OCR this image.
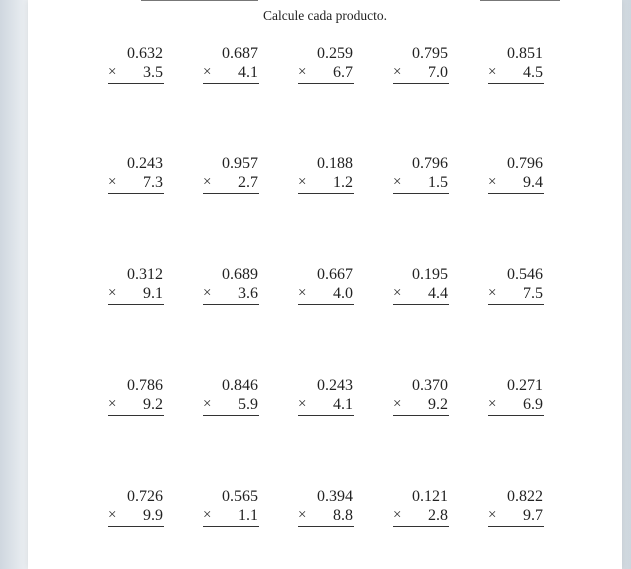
Calcule cada producto.
0.632
× 3.5
0.687
× 4.1
0.259
× 6.7
0.795
× 7.0
0.851
× 4.5
0.243
× 7.3
0.957
× 2.7
0.188
× 1.2
0.796
× 1.5
0.796
× 9.4
0.312
× 9.1
0.689
× 3.6
0.667
× 4.0
0.195
× 4.4
0.546
× 7.5
0.786
× 9.2
0.846
× 5.9
0.243
× 4.1
0.370
× 9.2
0.271
× 6.9
0.726
× 9.9
0.565
× 1.1
0.394
× 8.8
0.121
× 2.8
0.822
× 9.7
